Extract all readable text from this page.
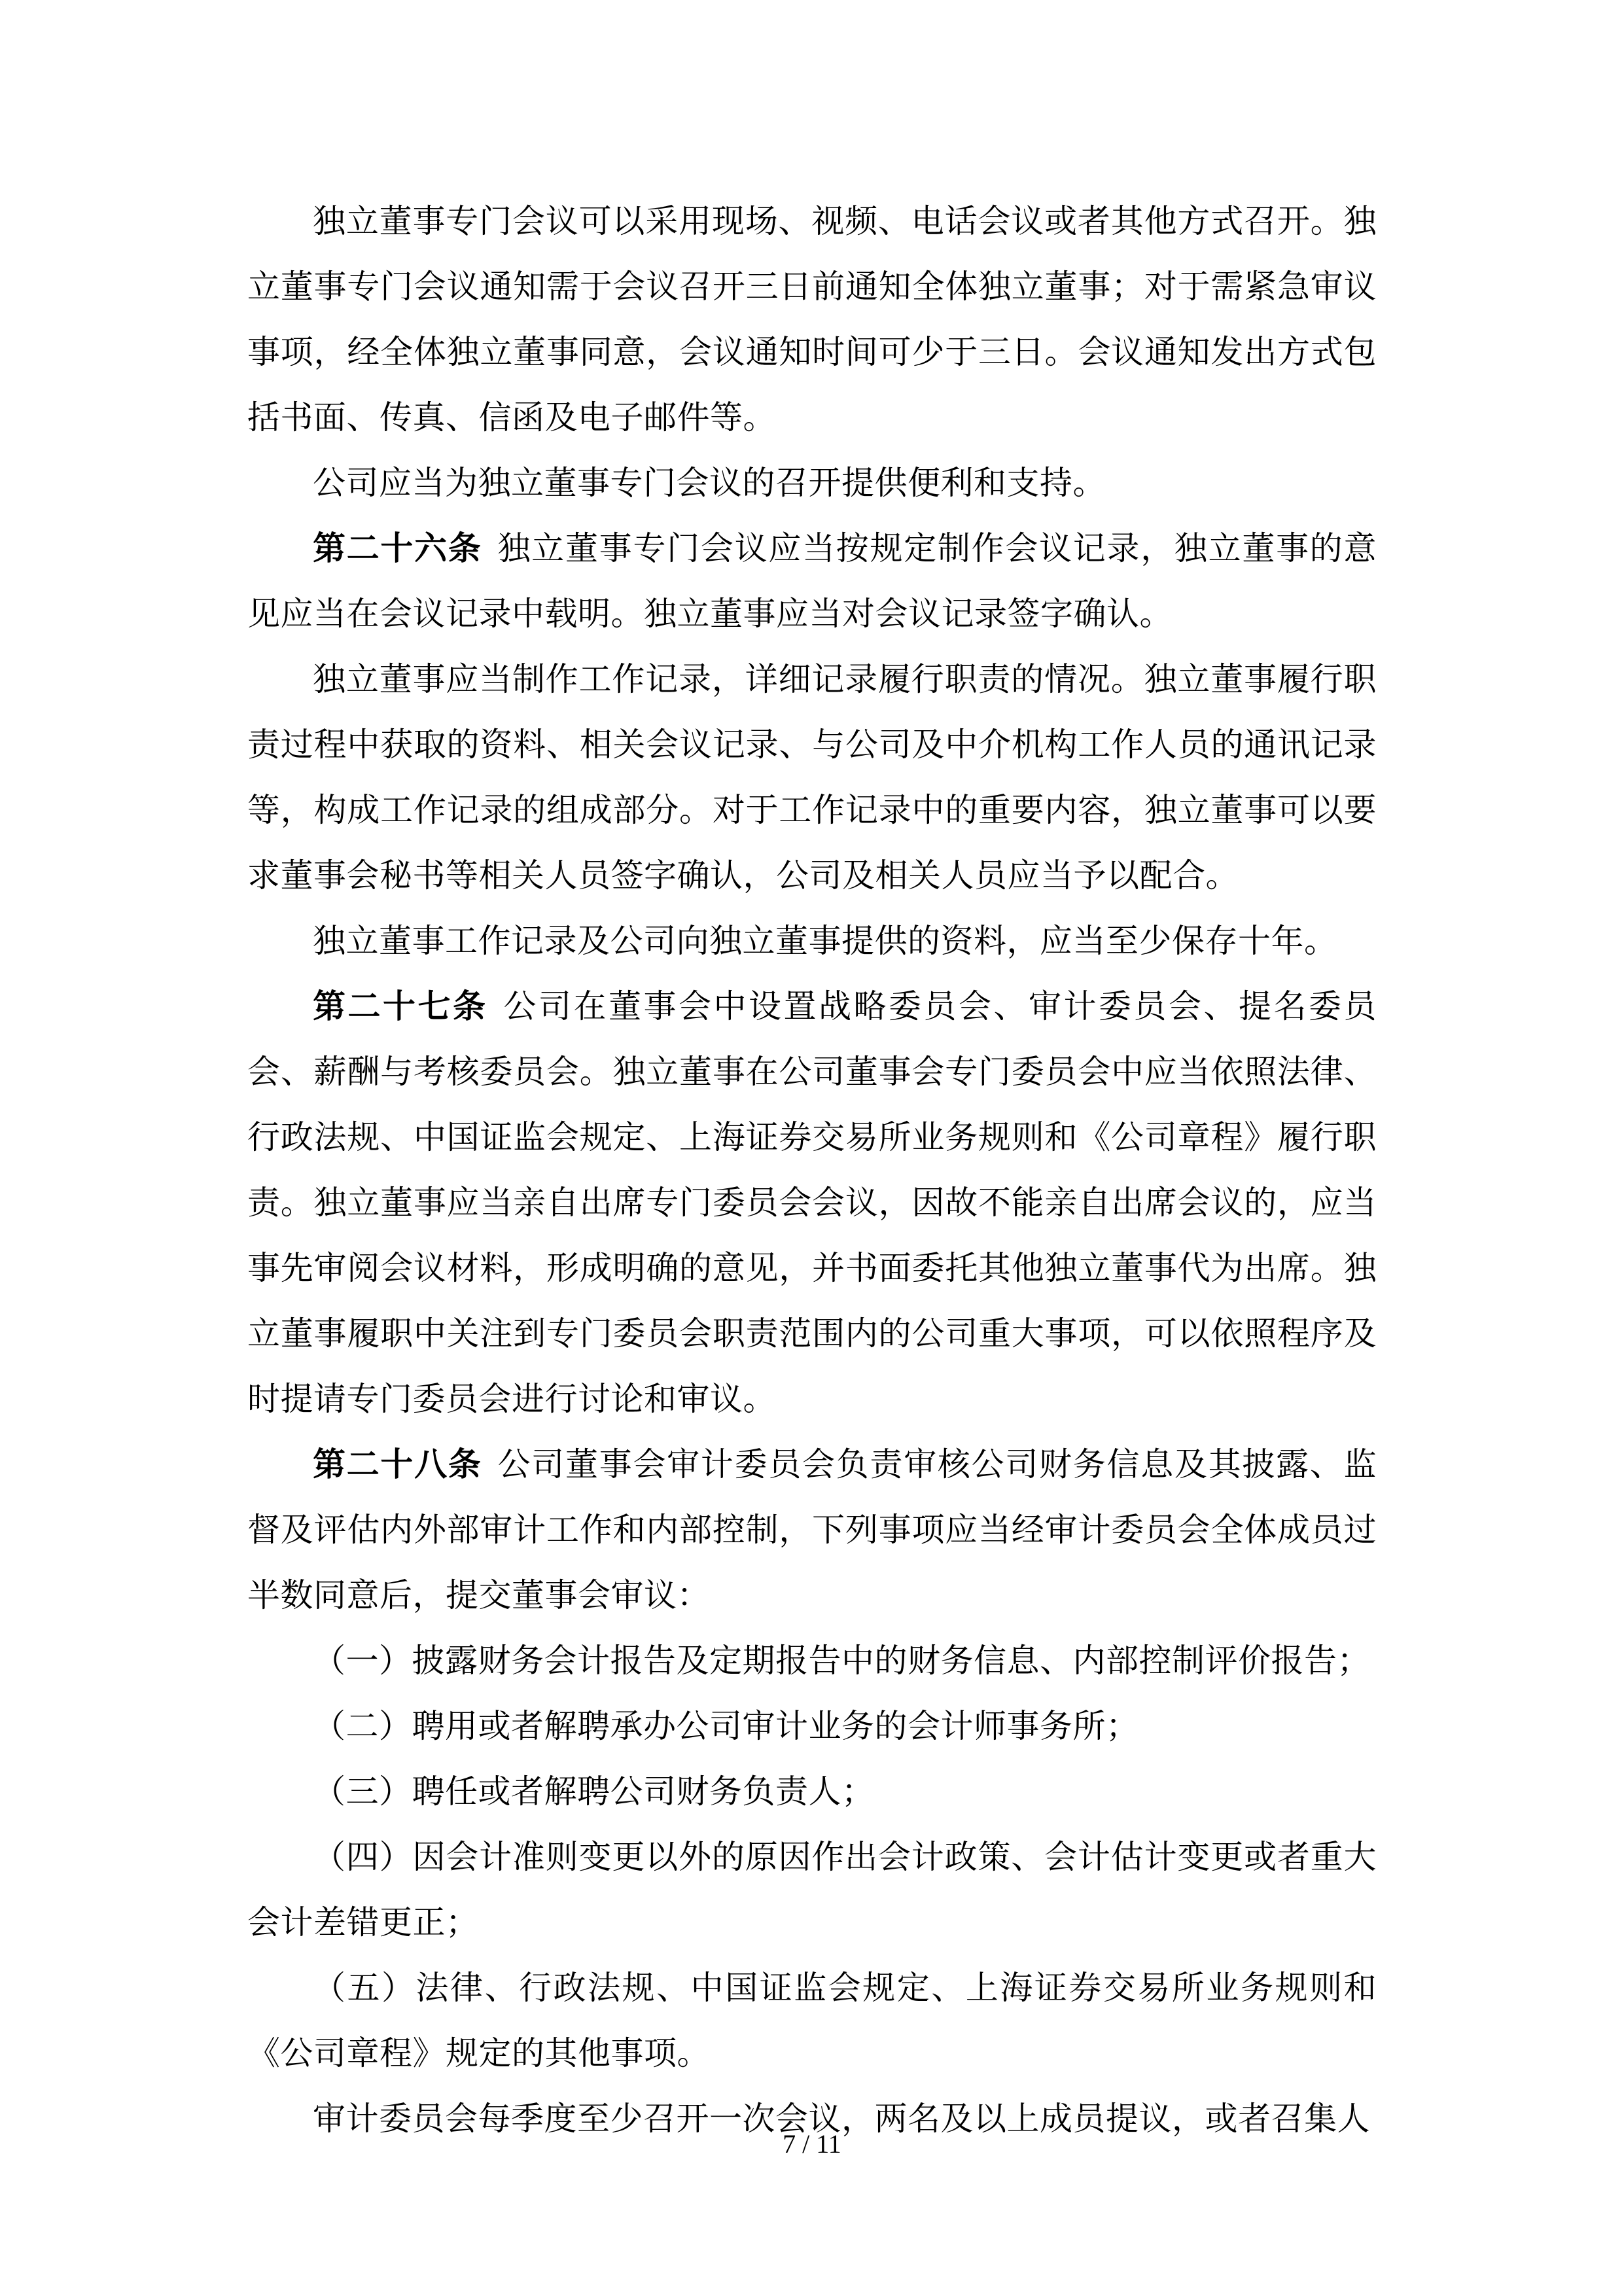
独立董事专门会议可以采用现场、视频、电话会议或者其他方式召开。独立董事专门会议通知需于会议召开三日前通知全体独立董事；对于需紧急审议事项，经全体独立董事同意，会议通知时间可少于三日。会议通知发出方式包括书面、传真、信函及电子邮件等。

公司应当为独立董事专门会议的召开提供便利和支持。

第二十六条 独立董事专门会议应当按规定制作会议记录，独立董事的意见应当在会议记录中载明。独立董事应当对会议记录签字确认。

独立董事应当制作工作记录，详细记录履行职责的情况。独立董事履行职责过程中获取的资料、相关会议记录、与公司及中介机构工作人员的通讯记录等，构成工作记录的组成部分。对于工作记录中的重要内容，独立董事可以要求董事会秘书等相关人员签字确认，公司及相关人员应当予以配合。

独立董事工作记录及公司向独立董事提供的资料，应当至少保存十年。

第二十七条 公司在董事会中设置战略委员会、审计委员会、提名委员会、薪酬与考核委员会。独立董事在公司董事会专门委员会中应当依照法律、行政法规、中国证监会规定、上海证券交易所业务规则和《公司章程》履行职责。独立董事应当亲自出席专门委员会会议，因故不能亲自出席会议的，应当事先审阅会议材料，形成明确的意见，并书面委托其他独立董事代为出席。独立董事履职中关注到专门委员会职责范围内的公司重大事项，可以依照程序及时提请专门委员会进行讨论和审议。

第二十八条 公司董事会审计委员会负责审核公司财务信息及其披露、监督及评估内外部审计工作和内部控制，下列事项应当经审计委员会全体成员过半数同意后，提交董事会审议：

（一）披露财务会计报告及定期报告中的财务信息、内部控制评价报告；

（二）聘用或者解聘承办公司审计业务的会计师事务所；

（三）聘任或者解聘公司财务负责人；

（四）因会计准则变更以外的原因作出会计政策、会计估计变更或者重大会计差错更正；

（五）法律、行政法规、中国证监会规定、上海证券交易所业务规则和《公司章程》规定的其他事项。

审计委员会每季度至少召开一次会议，两名及以上成员提议，或者召集人

7 / 11
